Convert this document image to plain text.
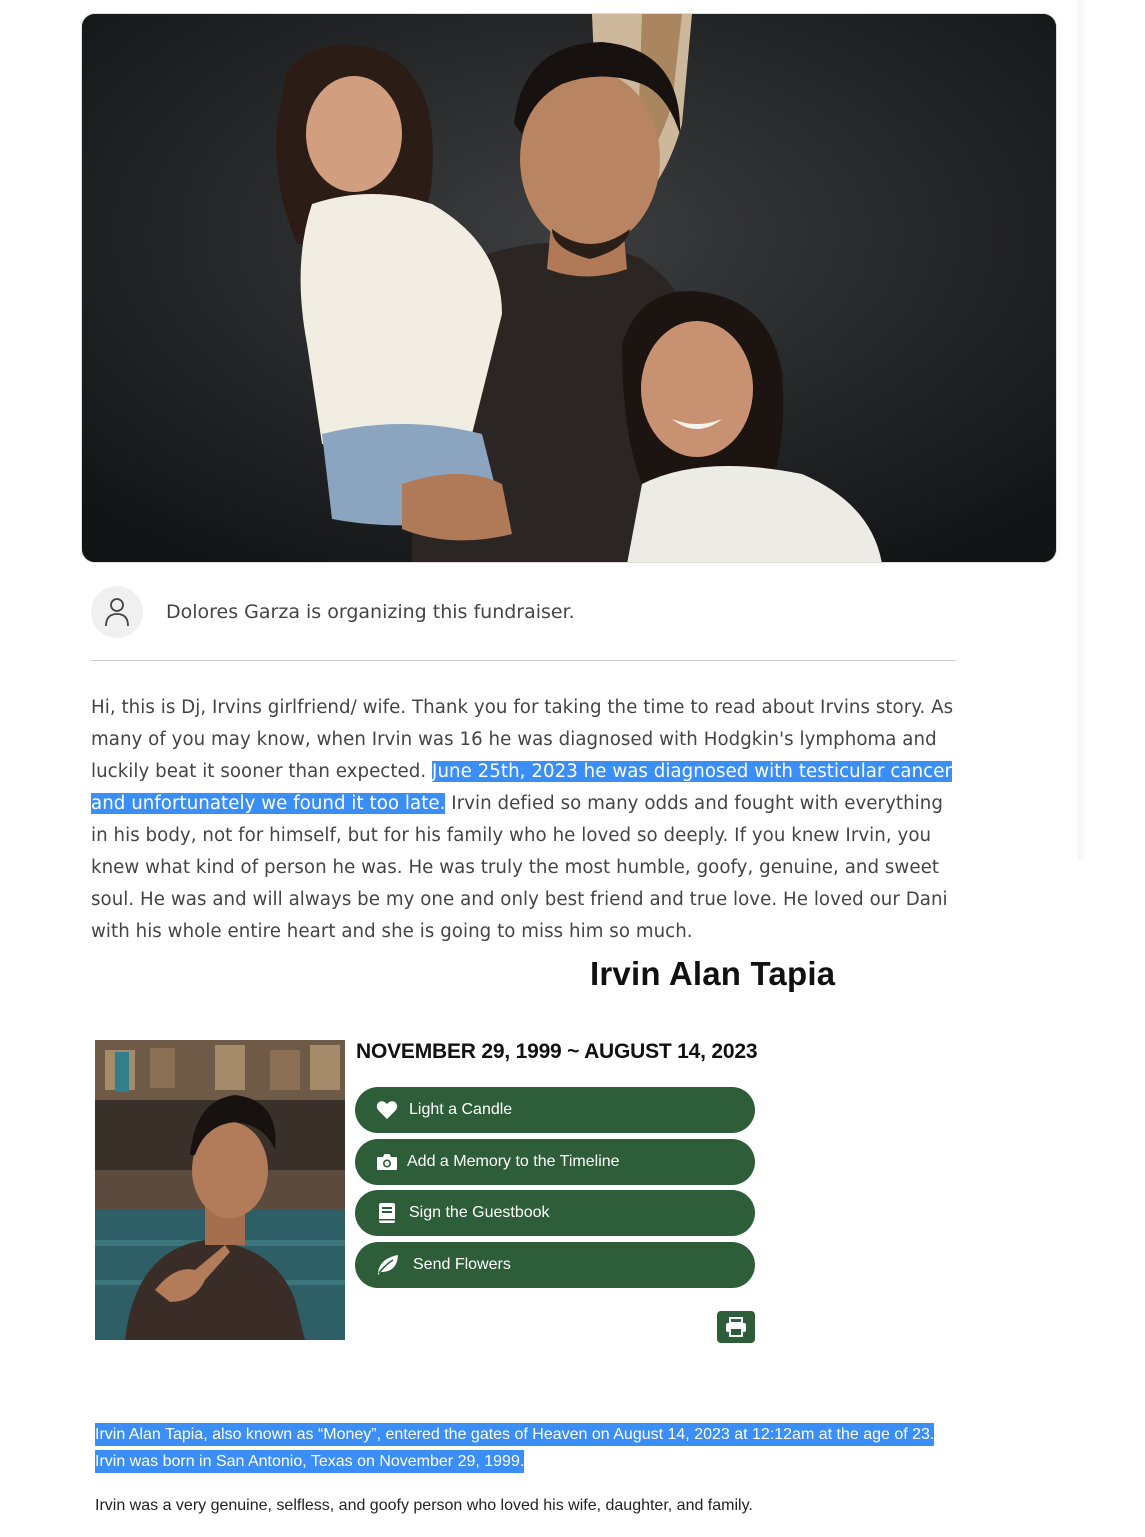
Dolores Garza is organizing this fundraiser.
Hi, this is Dj, Irvins girlfriend/ wife. Thank you for taking the time to read about Irvins story. As many of you may know, when Irvin was 16 he was diagnosed with Hodgkin's lymphoma and luckily beat it sooner than expected. June 25th, 2023 he was diagnosed with testicular cancer and unfortunately we found it too late. Irvin defied so many odds and fought with everything in his body, not for himself, but for his family who he loved so deeply. If you knew Irvin, you knew what kind of person he was. He was truly the most humble, goofy, genuine, and sweet soul. He was and will always be my one and only best friend and true love. He loved our Dani with his whole entire heart and she is going to miss him so much.
Irvin Alan Tapia
NOVEMBER 29, 1999 ~ AUGUST 14, 2023
Light a Candle
Add a Memory to the Timeline
Sign the Guestbook
Send Flowers
Irvin Alan Tapia, also known as “Money”, entered the gates of Heaven on August 14, 2023 at 12:12am at the age of 23.
Irvin was born in San Antonio, Texas on November 29, 1999.
Irvin was a very genuine, selfless, and goofy person who loved his wife, daughter, and family.
